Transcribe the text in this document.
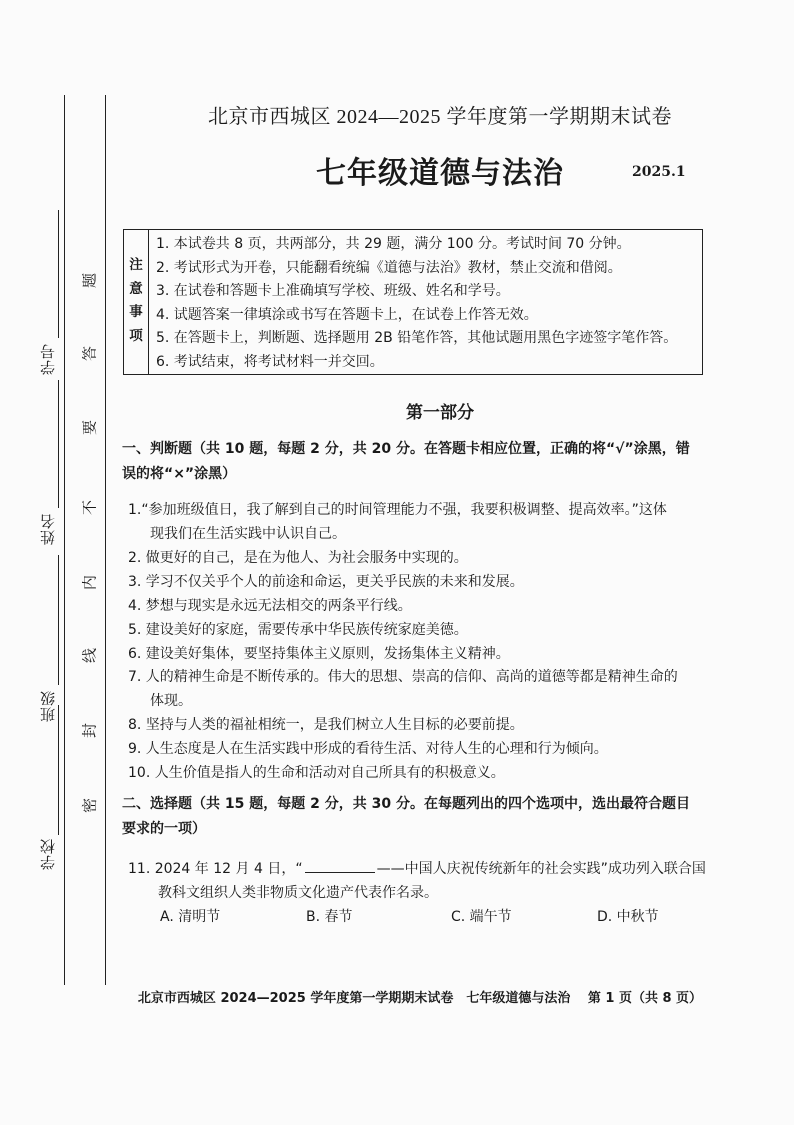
学校
班级
姓名
学号
题
答
要
不
内
线
封
密
北京市西城区 2024—2025 学年度第一学期期末试卷
七年级道德与法治	2025.1
注
意
事
项
1. 本试卷共 8 页，共两部分，共 29 题，满分 100 分。考试时间 70 分钟。
2. 考试形式为开卷，只能翻看统编《道德与法治》教材，禁止交流和借阅。
3. 在试卷和答题卡上准确填写学校、班级、姓名和学号。
4. 试题答案一律填涂或书写在答题卡上，在试卷上作答无效。
5. 在答题卡上，判断题、选择题用 2B 铅笔作答，其他试题用黑色字迹签字笔作答。
6. 考试结束，将考试材料一并交回。
第一部分
一、判断题（共 10 题，每题 2 分，共 20 分。在答题卡相应位置，正确的将“√”涂黑，错
误的将“×”涂黑）
1.“参加班级值日，我了解到自己的时间管理能力不强，我要积极调整、提高效率。”这体
现我们在生活实践中认识自己。
2. 做更好的自己，是在为他人、为社会服务中实现的。
3. 学习不仅关乎个人的前途和命运，更关乎民族的未来和发展。
4. 梦想与现实是永远无法相交的两条平行线。
5. 建设美好的家庭，需要传承中华民族传统家庭美德。
6. 建设美好集体，要坚持集体主义原则，发扬集体主义精神。
7. 人的精神生命是不断传承的。伟大的思想、崇高的信仰、高尚的道德等都是精神生命的
体现。
8. 坚持与人类的福祉相统一，是我们树立人生目标的必要前提。
9. 人生态度是人在生活实践中形成的看待生活、对待人生的心理和行为倾向。
10. 人生价值是指人的生命和活动对自己所具有的积极意义。
二、选择题（共 15 题，每题 2 分，共 30 分。在每题列出的四个选项中，选出最符合题目
要求的一项）
11. 2024 年 12 月 4 日，“	——中国人庆祝传统新年的社会实践”成功列入联合国
教科文组织人类非物质文化遗产代表作名录。
A. 清明节	B. 春节	C. 端午节	D. 中秋节
北京市西城区 2024—2025 学年度第一学期期末试卷　七年级道德与法治　 第 1 页（共 8 页）
